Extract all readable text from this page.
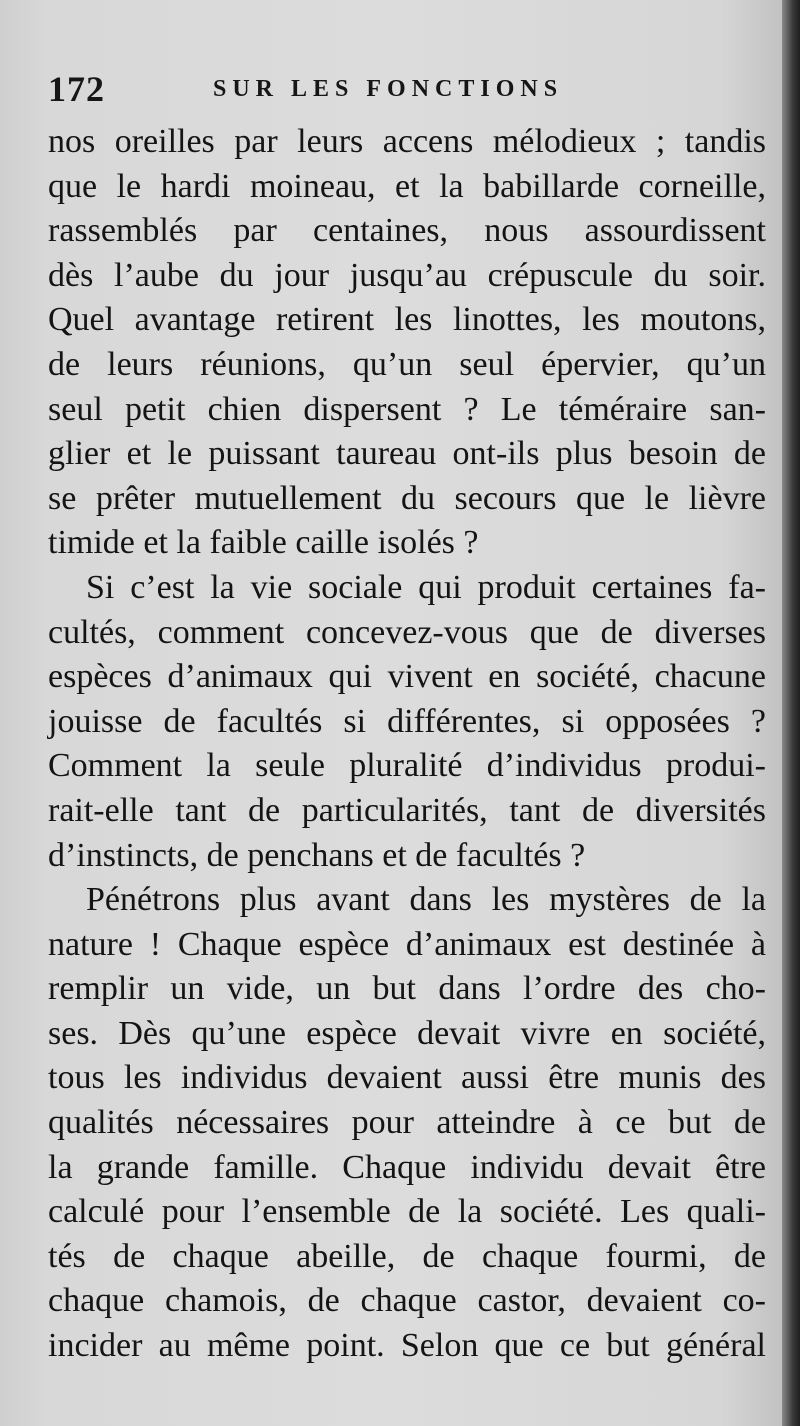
172	SUR LES FONCTIONS
nos oreilles par leurs accens mélodieux ; tandis
que le hardi moineau, et la babillarde corneille,
rassemblés par centaines, nous assourdissent
dès l’aube du jour jusqu’au crépuscule du soir.
Quel avantage retirent les linottes, les moutons,
de leurs réunions, qu’un seul épervier, qu’un
seul petit chien dispersent ? Le téméraire san-
glier et le puissant taureau ont-ils plus besoin de
se prêter mutuellement du secours que le lièvre
timide et la faible caille isolés ?
Si c’est la vie sociale qui produit certaines fa-
cultés, comment concevez-vous que de diverses
espèces d’animaux qui vivent en société, chacune
jouisse de facultés si différentes, si opposées ?
Comment la seule pluralité d’individus produi-
rait-elle tant de particularités, tant de diversités
d’instincts, de penchans et de facultés ?
Pénétrons plus avant dans les mystères de la
nature ! Chaque espèce d’animaux est destinée à
remplir un vide, un but dans l’ordre des cho-
ses. Dès qu’une espèce devait vivre en société,
tous les individus devaient aussi être munis des
qualités nécessaires pour atteindre à ce but de
la grande famille. Chaque individu devait être
calculé pour l’ensemble de la société. Les quali-
tés de chaque abeille, de chaque fourmi, de
chaque chamois, de chaque castor, devaient co-
incider au même point. Selon que ce but général
